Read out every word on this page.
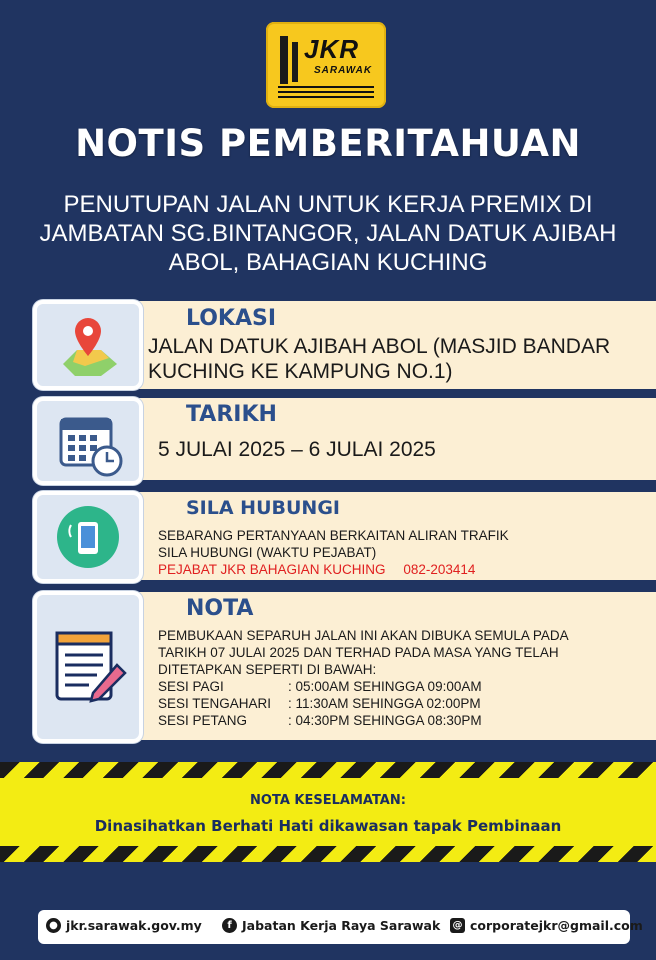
JKR
SARAWAK
NOTIS PEMBERITAHUAN
PENUTUPAN JALAN UNTUK KERJA PREMIX DI
JAMBATAN SG.BINTANGOR, JALAN DATUK AJIBAH
ABOL, BAHAGIAN KUCHING
LOKASI
JALAN DATUK AJIBAH ABOL (MASJID BANDAR
KUCHING KE KAMPUNG NO.1)
TARIKH
5 JULAI 2025 – 6 JULAI 2025
SILA HUBUNGI
SEBARANG PERTANYAAN BERKAITAN ALIRAN TRAFIK
SILA HUBUNGI (WAKTU PEJABAT)
PEJABAT JKR BAHAGIAN KUCHING 082-203414
NOTA
PEMBUKAAN SEPARUH JALAN INI AKAN DIBUKA SEMULA PADA
TARIKH 07 JULAI 2025 DAN TERHAD PADA MASA YANG TELAH
DITETAPKAN SEPERTI DI BAWAH:
SESI PAGI	: 05:00AM SEHINGGA 09:00AM
SESI TENGAHARI : 11:30AM SEHINGGA 02:00PM
SESI PETANG	: 04:30PM SEHINGGA 08:30PM
NOTA KESELAMATAN:
Dinasihatkan Berhati Hati dikawasan tapak Pembinaan
● jkr.sarawak.gov.my	f Jabatan Kerja Raya Sarawak @ corporatejkr@gmail.com
